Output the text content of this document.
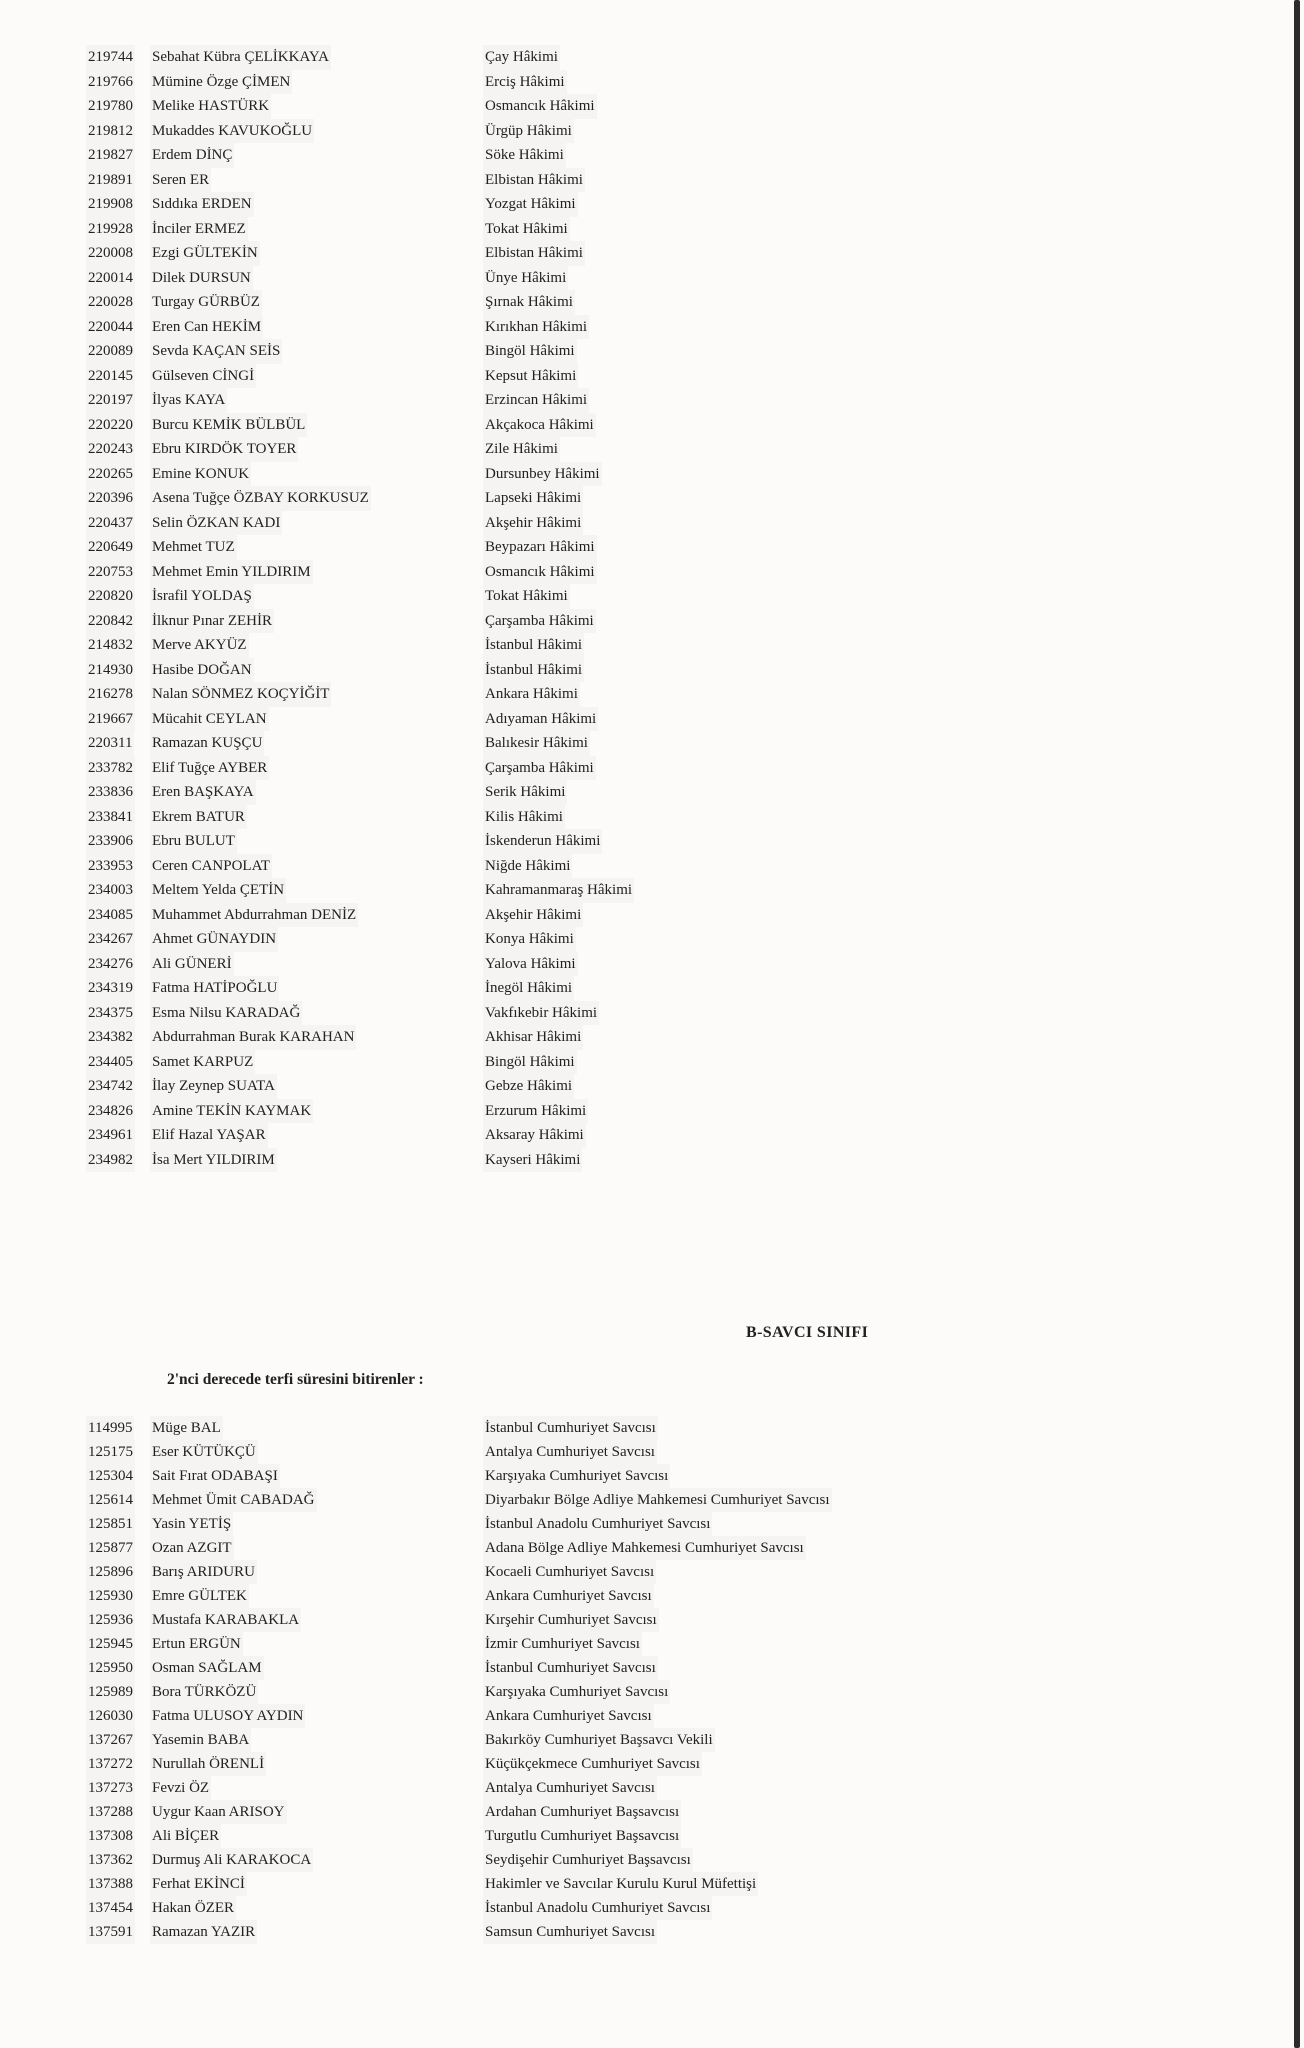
219744 Sebahat Kübra ÇELİKKAYA	Çay Hâkimi
219766 Mümine Özge ÇİMEN	Erciş Hâkimi
219780 Melike HASTÜRK	Osmancık Hâkimi
219812 Mukaddes KAVUKOĞLU	Ürgüp Hâkimi
219827 Erdem DİNÇ	Söke Hâkimi
219891 Seren ER	Elbistan Hâkimi
219908 Sıddıka ERDEN	Yozgat Hâkimi
219928 İnciler ERMEZ	Tokat Hâkimi
220008 Ezgi GÜLTEKİN	Elbistan Hâkimi
220014 Dilek DURSUN	Ünye Hâkimi
220028 Turgay GÜRBÜZ	Şırnak Hâkimi
220044 Eren Can HEKİM	Kırıkhan Hâkimi
220089 Sevda KAÇAN SEİS	Bingöl Hâkimi
220145 Gülseven CİNGİ	Kepsut Hâkimi
220197 İlyas KAYA	Erzincan Hâkimi
220220 Burcu KEMİK BÜLBÜL	Akçakoca Hâkimi
220243 Ebru KIRDÖK TOYER	Zile Hâkimi
220265 Emine KONUK	Dursunbey Hâkimi
220396 Asena Tuğçe ÖZBAY KORKUSUZ	Lapseki Hâkimi
220437 Selin ÖZKAN KADI	Akşehir Hâkimi
220649 Mehmet TUZ	Beypazarı Hâkimi
220753 Mehmet Emin YILDIRIM	Osmancık Hâkimi
220820 İsrafil YOLDAŞ	Tokat Hâkimi
220842 İlknur Pınar ZEHİR	Çarşamba Hâkimi
214832 Merve AKYÜZ	İstanbul Hâkimi
214930 Hasibe DOĞAN	İstanbul Hâkimi
216278 Nalan SÖNMEZ KOÇYİĞİT	Ankara Hâkimi
219667 Mücahit CEYLAN	Adıyaman Hâkimi
220311 Ramazan KUŞÇU	Balıkesir Hâkimi
233782 Elif Tuğçe AYBER	Çarşamba Hâkimi
233836 Eren BAŞKAYA	Serik Hâkimi
233841 Ekrem BATUR	Kilis Hâkimi
233906 Ebru BULUT	İskenderun Hâkimi
233953 Ceren CANPOLAT	Niğde Hâkimi
234003 Meltem Yelda ÇETİN	Kahramanmaraş Hâkimi
234085 Muhammet Abdurrahman DENİZ	Akşehir Hâkimi
234267 Ahmet GÜNAYDIN	Konya Hâkimi
234276 Ali GÜNERİ	Yalova Hâkimi
234319 Fatma HATİPOĞLU	İnegöl Hâkimi
234375 Esma Nilsu KARADAĞ	Vakfıkebir Hâkimi
234382 Abdurrahman Burak KARAHAN	Akhisar Hâkimi
234405 Samet KARPUZ	Bingöl Hâkimi
234742 İlay Zeynep SUATA	Gebze Hâkimi
234826 Amine TEKİN KAYMAK	Erzurum Hâkimi
234961 Elif Hazal YAŞAR	Aksaray Hâkimi
234982 İsa Mert YILDIRIM	Kayseri Hâkimi
B-SAVCI SINIFI
2'nci derecede terfi süresini bitirenler :
114995 Müge BAL	İstanbul Cumhuriyet Savcısı
125175 Eser KÜTÜKÇÜ	Antalya Cumhuriyet Savcısı
125304 Sait Fırat ODABAŞI	Karşıyaka Cumhuriyet Savcısı
125614 Mehmet Ümit CABADAĞ	Diyarbakır Bölge Adliye Mahkemesi Cumhuriyet Savcısı
125851 Yasin YETİŞ	İstanbul Anadolu Cumhuriyet Savcısı
125877 Ozan AZGIT	Adana Bölge Adliye Mahkemesi Cumhuriyet Savcısı
125896 Barış ARIDURU	Kocaeli Cumhuriyet Savcısı
125930 Emre GÜLTEK	Ankara Cumhuriyet Savcısı
125936 Mustafa KARABAKLA	Kırşehir Cumhuriyet Savcısı
125945 Ertun ERGÜN	İzmir Cumhuriyet Savcısı
125950 Osman SAĞLAM	İstanbul Cumhuriyet Savcısı
125989 Bora TÜRKÖZÜ	Karşıyaka Cumhuriyet Savcısı
126030 Fatma ULUSOY AYDIN	Ankara Cumhuriyet Savcısı
137267 Yasemin BABA	Bakırköy Cumhuriyet Başsavcı Vekili
137272 Nurullah ÖRENLİ	Küçükçekmece Cumhuriyet Savcısı
137273 Fevzi ÖZ	Antalya Cumhuriyet Savcısı
137288 Uygur Kaan ARISOY	Ardahan Cumhuriyet Başsavcısı
137308 Ali BİÇER	Turgutlu Cumhuriyet Başsavcısı
137362 Durmuş Ali KARAKOCA	Seydişehir Cumhuriyet Başsavcısı
137388 Ferhat EKİNCİ	Hakimler ve Savcılar Kurulu Kurul Müfettişi
137454 Hakan ÖZER	İstanbul Anadolu Cumhuriyet Savcısı
137591 Ramazan YAZIR	Samsun Cumhuriyet Savcısı
